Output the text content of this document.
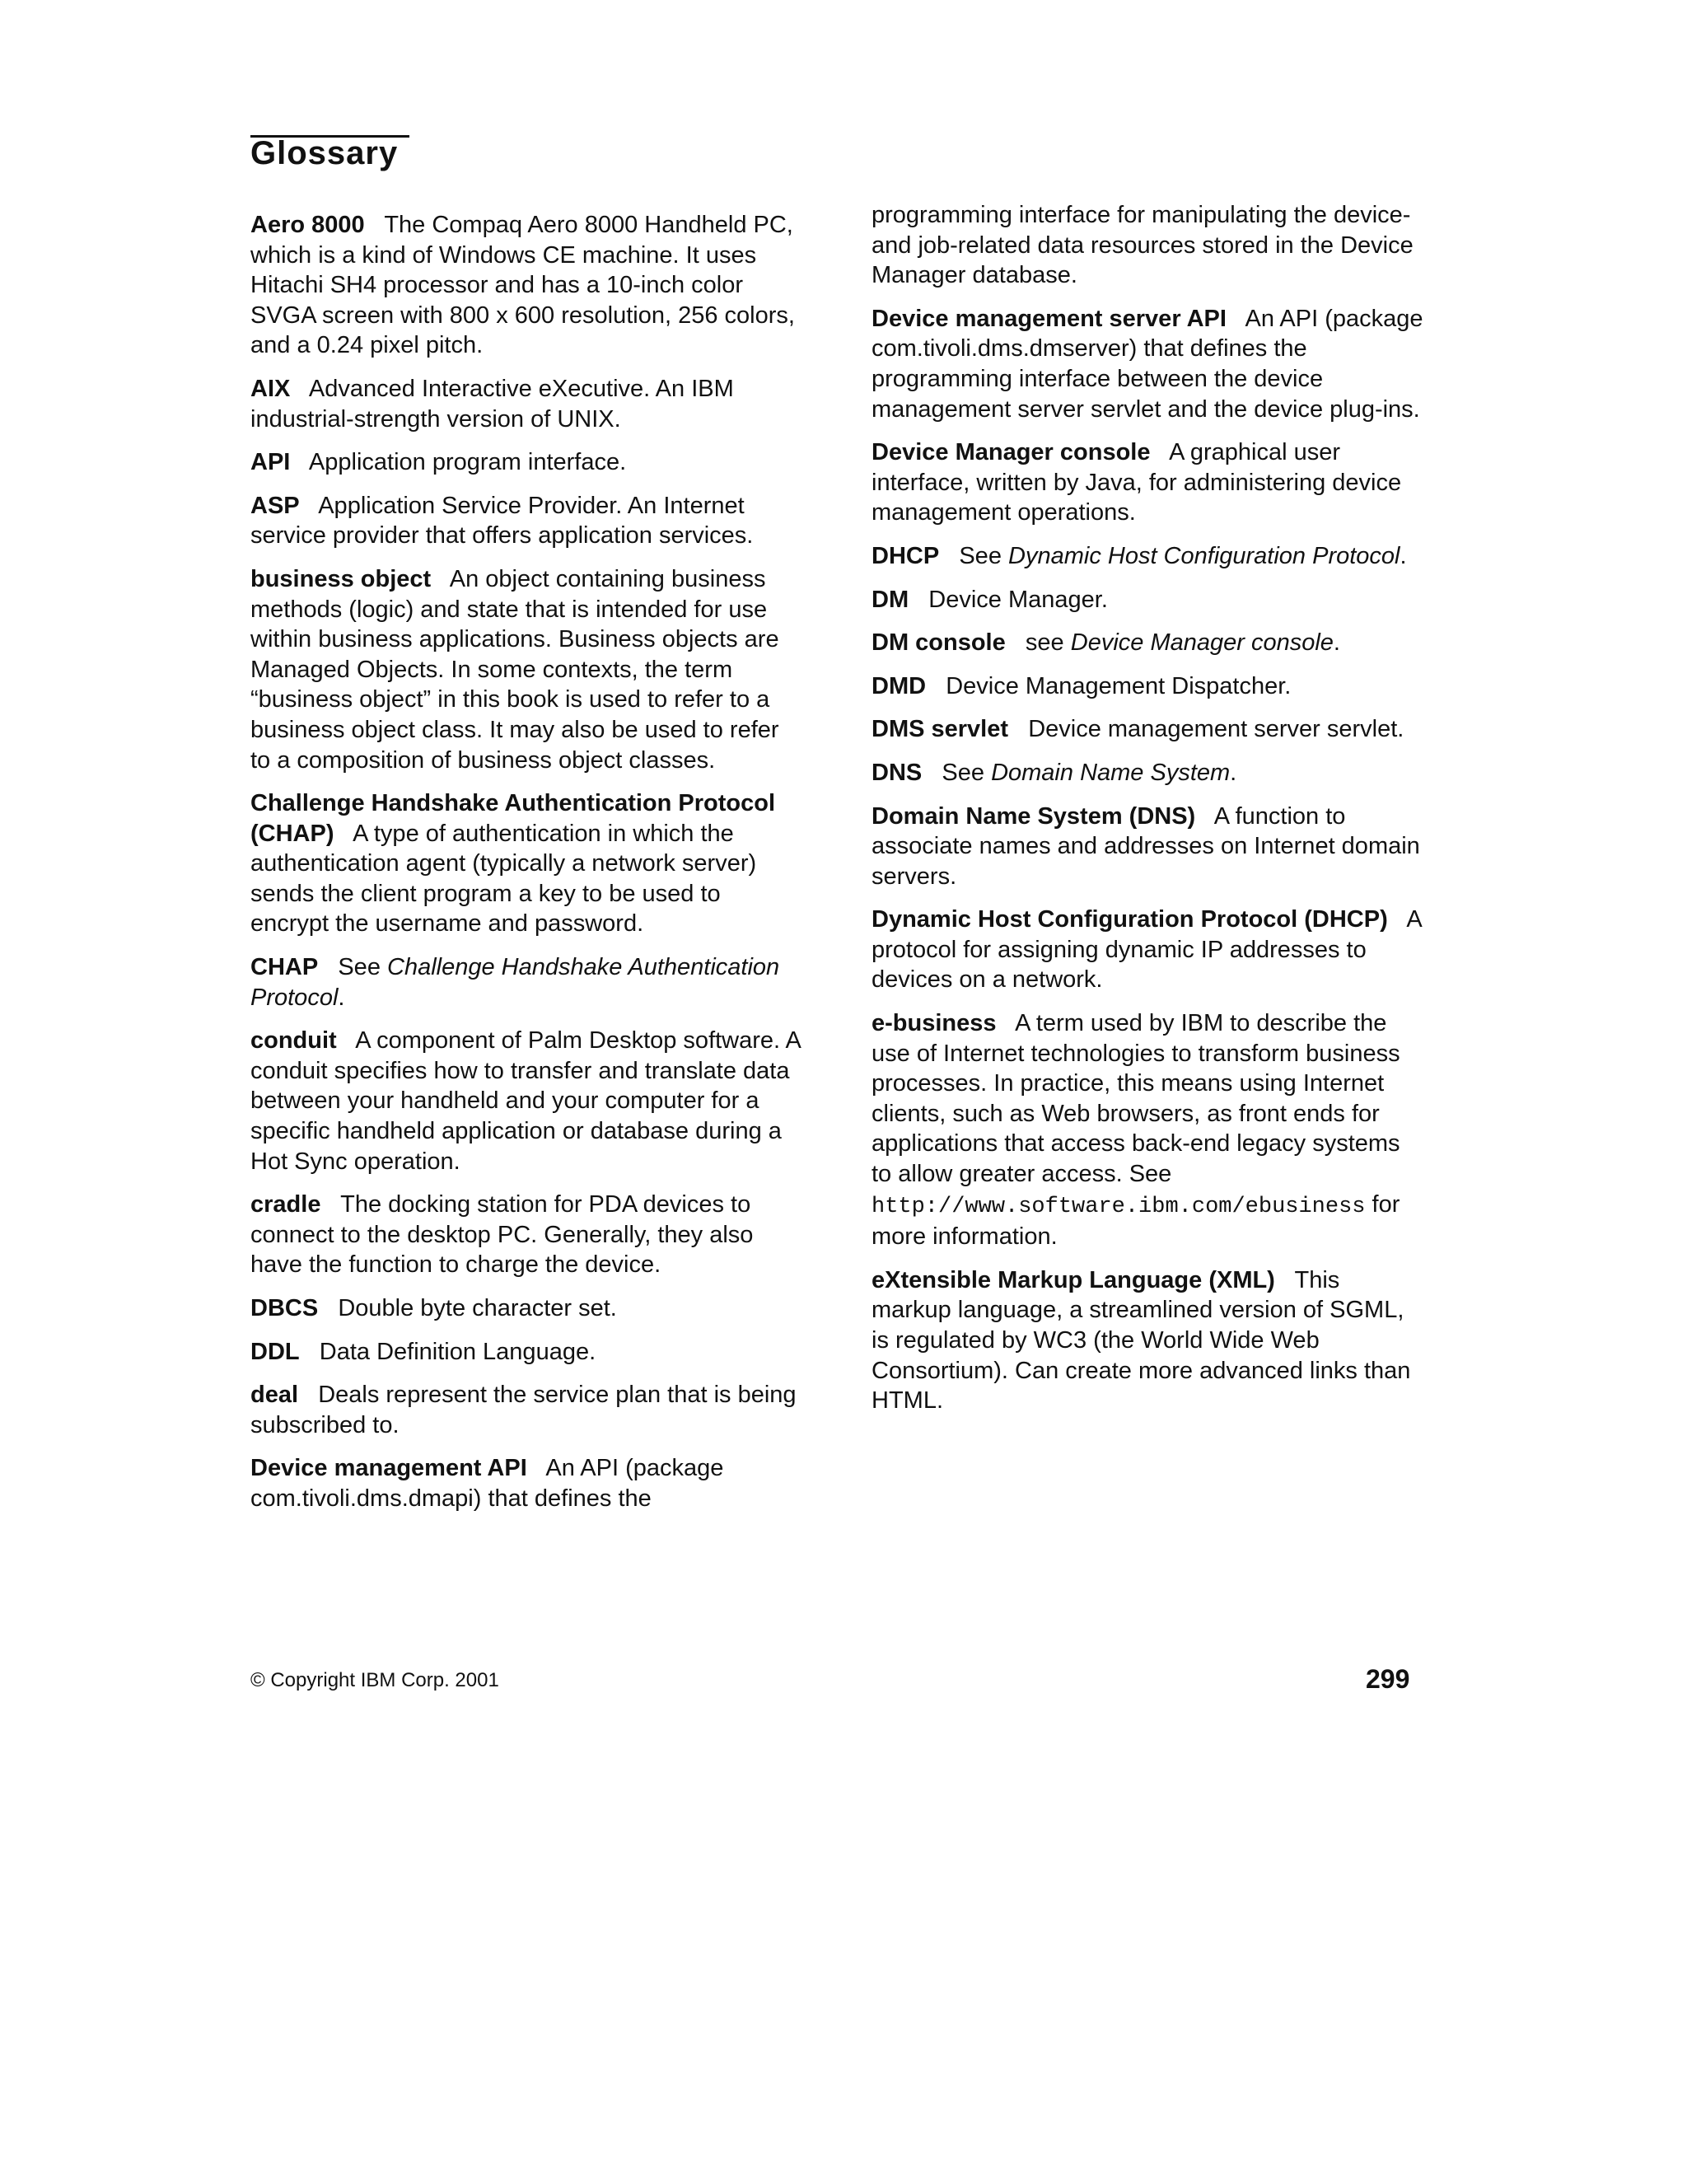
Glossary

Aero 8000 The Compaq Aero 8000 Handheld PC, which is a kind of Windows CE machine. It uses Hitachi SH4 processor and has a 10-inch color SVGA screen with 800 x 600 resolution, 256 colors, and a 0.24 pixel pitch.

AIX Advanced Interactive eXecutive. An IBM industrial-strength version of UNIX.

API Application program interface.

ASP Application Service Provider. An Internet service provider that offers application services.

business object An object containing business methods (logic) and state that is intended for use within business applications. Business objects are Managed Objects. In some contexts, the term “business object” in this book is used to refer to a business object class. It may also be used to refer to a composition of business object classes.

Challenge Handshake Authentication Protocol (CHAP) A type of authentication in which the authentication agent (typically a network server) sends the client program a key to be used to encrypt the username and password.

CHAP See Challenge Handshake Authentication Protocol.

conduit A component of Palm Desktop software. A conduit specifies how to transfer and translate data between your handheld and your computer for a specific handheld application or database during a Hot Sync operation.

cradle The docking station for PDA devices to connect to the desktop PC. Generally, they also have the function to charge the device.

DBCS Double byte character set.

DDL Data Definition Language.

deal Deals represent the service plan that is being subscribed to.

Device management API An API (package com.tivoli.dms.dmapi) that defines the

programming interface for manipulating the device- and job-related data resources stored in the Device Manager database.

Device management server API An API (package com.tivoli.dms.dmserver) that defines the programming interface between the device management server servlet and the device plug-ins.

Device Manager console A graphical user interface, written by Java, for administering device management operations.

DHCP See Dynamic Host Configuration Protocol.

DM Device Manager.

DM console see Device Manager console.

DMD Device Management Dispatcher.

DMS servlet Device management server servlet.

DNS See Domain Name System.

Domain Name System (DNS) A function to associate names and addresses on Internet domain servers.

Dynamic Host Configuration Protocol (DHCP) A protocol for assigning dynamic IP addresses to devices on a network.

e-business A term used by IBM to describe the use of Internet technologies to transform business processes. In practice, this means using Internet clients, such as Web browsers, as front ends for applications that access back-end legacy systems to allow greater access. See http://www.software.ibm.com/ebusiness for more information.

eXtensible Markup Language (XML) This markup language, a streamlined version of SGML, is regulated by WC3 (the World Wide Web Consortium). Can create more advanced links than HTML.

© Copyright IBM Corp. 2001	299
